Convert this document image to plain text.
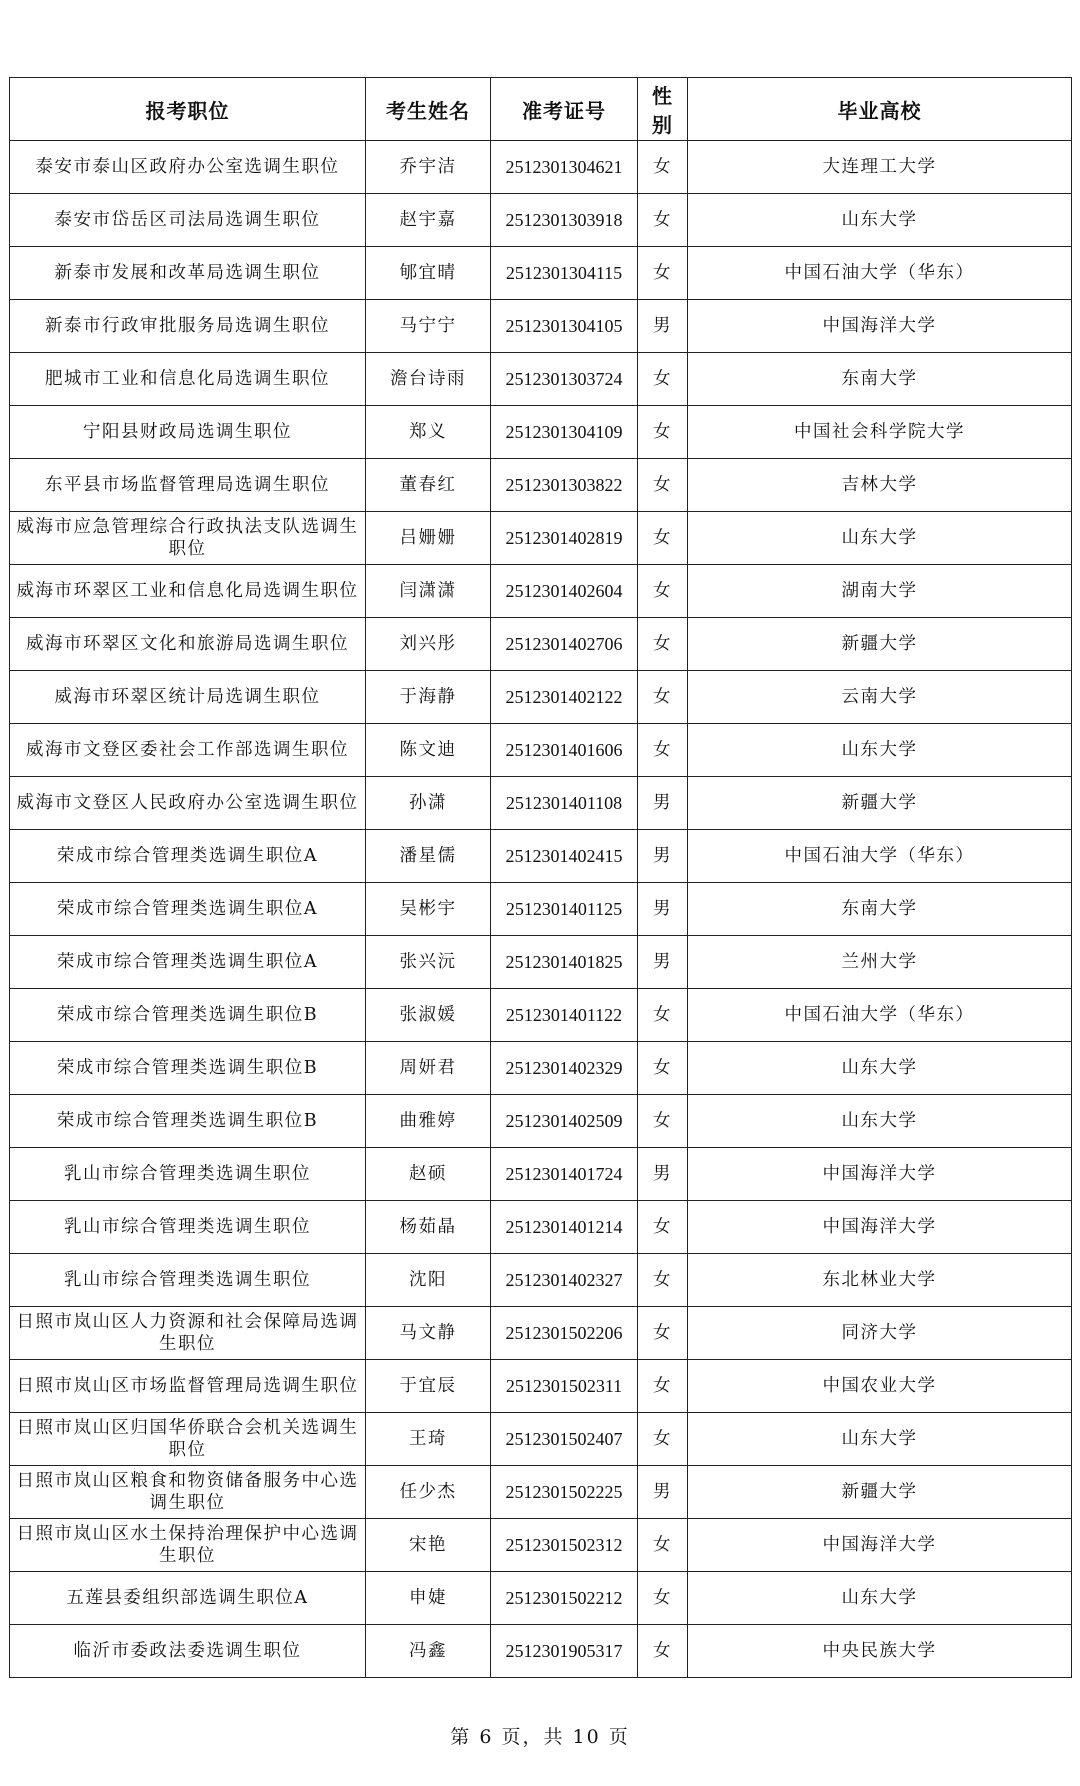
报考职位	考生姓名	准考证号	性别	毕业高校
泰安市泰山区政府办公室选调生职位	乔宇洁	2512301304621	女	大连理工大学
泰安市岱岳区司法局选调生职位	赵宇嘉	2512301303918	女	山东大学
新泰市发展和改革局选调生职位	郇宜晴	2512301304115	女	中国石油大学（华东）
新泰市行政审批服务局选调生职位	马宁宁	2512301304105	男	中国海洋大学
肥城市工业和信息化局选调生职位	澹台诗雨	2512301303724	女	东南大学
宁阳县财政局选调生职位	郑义	2512301304109	女	中国社会科学院大学
东平县市场监督管理局选调生职位	董春红	2512301303822	女	吉林大学
威海市应急管理综合行政执法支队选调生职位	吕姗姗	2512301402819	女	山东大学
威海市环翠区工业和信息化局选调生职位	闫潇潇	2512301402604	女	湖南大学
威海市环翠区文化和旅游局选调生职位	刘兴彤	2512301402706	女	新疆大学
威海市环翠区统计局选调生职位	于海静	2512301402122	女	云南大学
威海市文登区委社会工作部选调生职位	陈文迪	2512301401606	女	山东大学
威海市文登区人民政府办公室选调生职位	孙潇	2512301401108	男	新疆大学
荣成市综合管理类选调生职位A	潘星儒	2512301402415	男	中国石油大学（华东）
荣成市综合管理类选调生职位A	吴彬宇	2512301401125	男	东南大学
荣成市综合管理类选调生职位A	张兴沅	2512301401825	男	兰州大学
荣成市综合管理类选调生职位B	张淑媛	2512301401122	女	中国石油大学（华东）
荣成市综合管理类选调生职位B	周妍君	2512301402329	女	山东大学
荣成市综合管理类选调生职位B	曲雅婷	2512301402509	女	山东大学
乳山市综合管理类选调生职位	赵硕	2512301401724	男	中国海洋大学
乳山市综合管理类选调生职位	杨茹晶	2512301401214	女	中国海洋大学
乳山市综合管理类选调生职位	沈阳	2512301402327	女	东北林业大学
日照市岚山区人力资源和社会保障局选调生职位	马文静	2512301502206	女	同济大学
日照市岚山区市场监督管理局选调生职位	于宜辰	2512301502311	女	中国农业大学
日照市岚山区归国华侨联合会机关选调生职位	王琦	2512301502407	女	山东大学
日照市岚山区粮食和物资储备服务中心选调生职位	任少杰	2512301502225	男	新疆大学
日照市岚山区水土保持治理保护中心选调生职位	宋艳	2512301502312	女	中国海洋大学
五莲县委组织部选调生职位A	申婕	2512301502212	女	山东大学
临沂市委政法委选调生职位	冯鑫	2512301905317	女	中央民族大学
第 6 页，共 10 页
